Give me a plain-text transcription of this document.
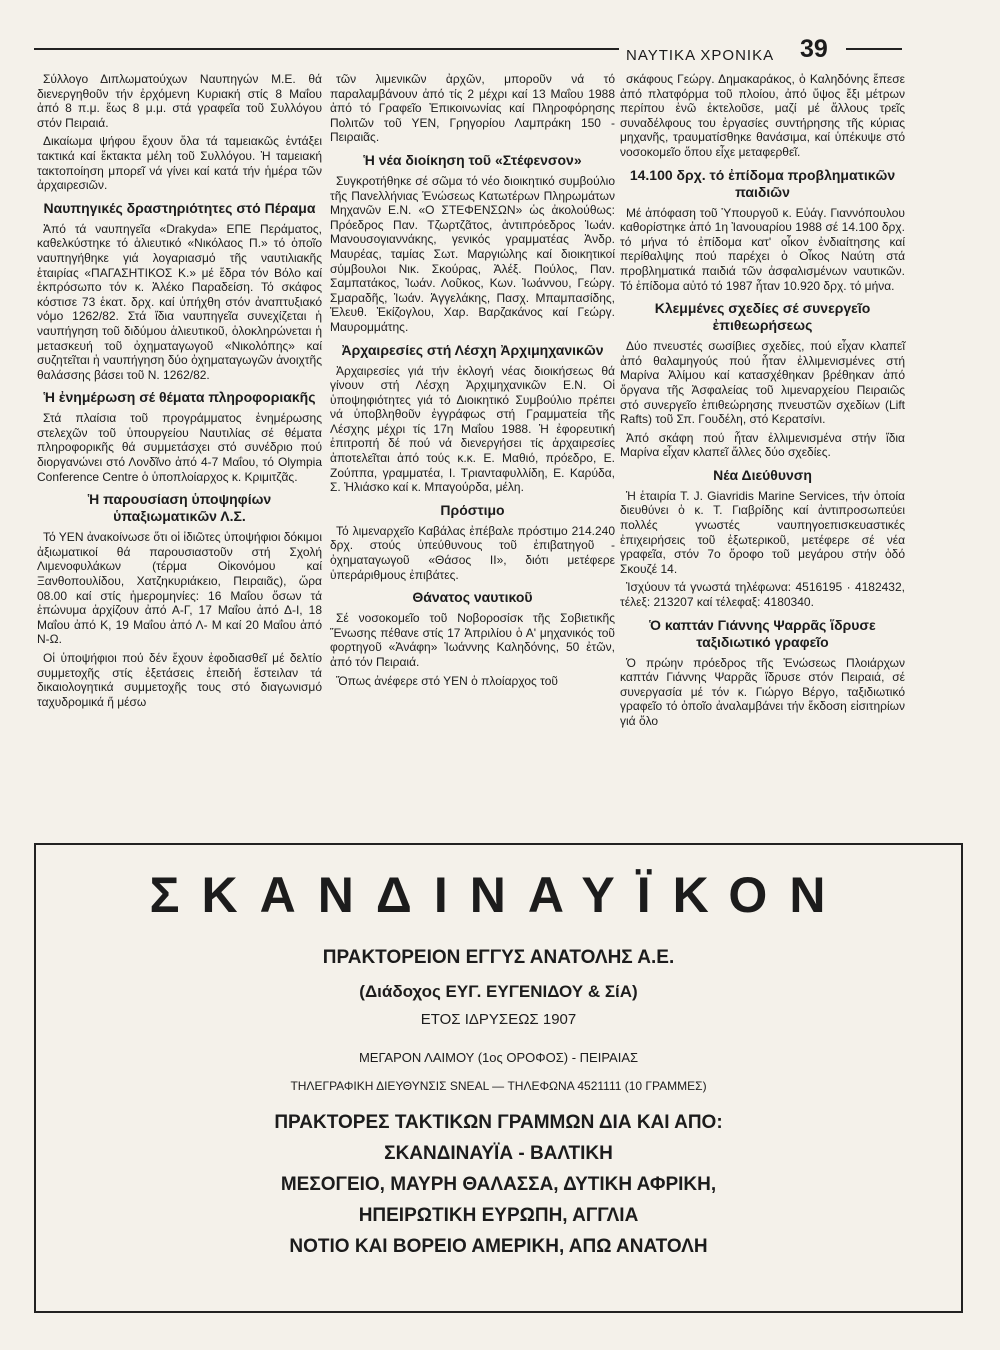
ΝΑΥΤΙΚΑ ΧΡΟΝΙΚΑ 39

Σύλλογο Διπλωματούχων Ναυπηγών Μ.Ε. θά διενεργηθοῦν τήν ἐρχόμενη Κυριακή στίς 8 Μαΐου ἀπό 8 π.μ. ἕως 8 μ.μ. στά γραφεῖα τοῦ Συλλόγου στόν Πειραιά.

Δικαίωμα ψήφου ἔχουν ὅλα τά ταμειακῶς ἐντάξει τακτικά καί ἔκτακτα μέλη τοῦ Συλλόγου. Ἡ ταμειακή τακτοποίηση μπορεῖ νά γίνει καί κατά τήν ἡμέρα τῶν ἀρχαιρεσιῶν.

Ναυπηγικές δραστηριότητες στό Πέραμα

Ἀπό τά ναυπηγεῖα «Drakyda» ΕΠΕ Περάματος, καθελκύστηκε τό ἁλιευτικό «Νικόλαος Π.» τό ὁποῖο ναυπηγήθηκε γιά λογαριασμό τῆς ναυτιλιακῆς ἑταιρίας «ΠΑΓΑΣΗΤΙΚΟΣ Κ.» μέ ἕδρα τόν Βόλο καί ἐκπρόσωπο τόν κ. Ἀλέκο Παραδείση. Τό σκάφος κόστισε 73 ἑκατ. δρχ. καί ὑπήχθη στόν ἀναπτυξιακό νόμο 1262/82. Στά ἴδια ναυπηγεῖα συνεχίζεται ἡ ναυπήγηση τοῦ διδύμου ἁλιευτικοῦ, ὁλοκληρώνεται ἡ μετασκευή τοῦ ὀχηματαγωγοῦ «Νικολόπης» καί συζητεῖται ἡ ναυπήγηση δύο ὀχηματαγωγῶν ἀνοιχτῆς θαλάσσης βάσει τοῦ Ν. 1262/82.

Ἡ ἐνημέρωση σέ θέματα πληροφοριακῆς

Στά πλαίσια τοῦ προγράμματος ἐνημέρωσης στελεχῶν τοῦ ὑπουργείου Ναυτιλίας σέ θέματα πληροφορικῆς θά συμμετάσχει στό συνέδριο πού διοργανώνει στό Λονδῖνο ἀπό 4-7 Μαΐου, τό Olympia Conference Centre ὁ ὑποπλοίαρχος κ. Κριμιτζᾶς.

Ἡ παρουσίαση ὑποψηφίων ὑπαξιωματικῶν Λ.Σ.

Τό ΥΕΝ ἀνακοίνωσε ὅτι οἱ ἰδιῶτες ὑποψήφιοι δόκιμοι ἀξιωματικοί θά παρουσιαστοῦν στή Σχολή Λιμενοφυλάκων (τέρμα Οἰκονόμου καί Ξανθοπουλίδου, Χατζηκυριάκειο, Πειραιᾶς), ὥρα 08.00 καί στίς ἡμερομηνίες: 16 Μαΐου ὅσων τά ἐπώνυμα ἀρχίζουν ἀπό Α-Γ, 17 Μαΐου ἀπό Δ-Ι, 18 Μαΐου ἀπό Κ, 19 Μαΐου ἀπό Λ- Μ καί 20 Μαΐου ἀπό Ν-Ω.

Οἱ ὑποψήφιοι πού δέν ἔχουν ἐφοδιασθεῖ μέ δελτίο συμμετοχῆς στίς ἐξετάσεις ἐπειδή ἔστειλαν τά δικαιολογητικά συμμετοχῆς τους στό διαγωνισμό ταχυδρομικά ἤ μέσω

τῶν λιμενικῶν ἀρχῶν, μποροῦν νά τό παραλαμβάνουν ἀπό τίς 2 μέχρι καί 13 Μαΐου 1988 ἀπό τό Γραφεῖο Ἐπικοινωνίας καί Πληροφόρησης Πολιτῶν τοῦ ΥΕΝ, Γρηγορίου Λαμπράκη 150 - Πειραιᾶς.

Ἡ νέα διοίκηση τοῦ «Στέφενσον»

Συγκροτήθηκε σέ σῶμα τό νέο διοικητικό συμβούλιο τῆς Πανελλήνιας Ἑνώσεως Κατωτέρων Πληρωμάτων Μηχανῶν Ε.Ν. «Ο ΣΤΕΦΕΝΣΩΝ» ὡς ἀκολούθως: Πρόεδρος Παν. Τζωρτζᾶτος, ἀντιπρόεδρος Ἰωάν. Μανουσογιαννάκης, γενικός γραμματέας Ἀνδρ. Μαυρέας, ταμίας Σωτ. Μαργιώλης καί διοικητικοί σύμβουλοι Νικ. Σκούρας, Ἀλέξ. Πούλος, Παν. Σαμπατάκος, Ἰωάν. Λοῦκος, Κων. Ἰωάννου, Γεώργ. Σμαραδῆς, Ἰωάν. Ἀγγελάκης, Πασχ. Μπαμπασίδης, Ἐλευθ. Ἐκίζογλου, Χαρ. Βαρζακάνος καί Γεώργ. Μαυρομμάτης.

Ἀρχαιρεσίες στή Λέσχη Ἀρχιμηχανικῶν

Ἀρχαιρεσίες γιά τήν ἐκλογή νέας διοικήσεως θά γίνουν στή Λέσχη Ἀρχιμηχανικῶν Ε.Ν. Οἱ ὑποψηφιότητες γιά τό Διοικητικό Συμβούλιο πρέπει νά ὑποβληθοῦν ἐγγράφως στή Γραμματεία τῆς Λέσχης μέχρι τίς 17η Μαΐου 1988. Ἡ ἐφορευτική ἐπιτροπή δέ πού νά διενεργήσει τίς ἀρχαιρεσίες ἀποτελεῖται ἀπό τούς κ.κ. Ε. Μαθιό, πρόεδρο, Ε. Ζούππα, γραμματέα, Ι. Τριανταφυλλίδη, Ε. Καρύδα, Σ. Ἠλιάσκο καί κ. Μπαγούρδα, μέλη.

Πρόστιμο

Τό λιμεναρχεῖο Καβάλας ἐπέβαλε πρόστιμο 214.240 δρχ. στούς ὑπεύθυνους τοῦ ἐπιβατηγοῦ - ὀχηματαγωγοῦ «Θάσος ΙΙ», διότι μετέφερε ὑπεράριθμους ἐπιβάτες.

Θάνατος ναυτικοῦ

Σέ νοσοκομεῖο τοῦ Νοβοροσίσκ τῆς Σοβιετικῆς Ἕνωσης πέθανε στίς 17 Ἀπριλίου ὁ Α' μηχανικός τοῦ φορτηγοῦ «Ἀνάφη» Ἰωάννης Καληδόνης, 50 ἐτῶν, ἀπό τόν Πειραιά.

Ὅπως ἀνέφερε στό ΥΕΝ ὁ πλοίαρχος τοῦ

σκάφους Γεώργ. Δημακαράκος, ὁ Καληδόνης ἔπεσε ἀπό πλατφόρμα τοῦ πλοίου, ἀπό ὕψος ἔξι μέτρων περίπου ἐνῶ ἐκτελοῦσε, μαζί μέ ἄλλους τρεῖς συναδέλφους του ἐργασίες συντήρησης τῆς κύριας μηχανῆς, τραυματίσθηκε θανάσιμα, καί ὑπέκυψε στό νοσοκομεῖο ὅπου εἶχε μεταφερθεῖ.

14.100 δρχ. τό ἐπίδομα προβληματικῶν παιδιῶν

Μέ ἀπόφαση τοῦ Ὑπουργοῦ κ. Εὐάγ. Γιαννόπουλου καθορίστηκε ἀπό 1η Ἰανουαρίου 1988 σέ 14.100 δρχ. τό μήνα τό ἐπίδομα κατ' οἶκον ἐνδιαίτησης καί περίθαλψης πού παρέχει ὁ Οἶκος Ναύτη στά προβληματικά παιδιά τῶν ἀσφαλισμένων ναυτικῶν. Τό ἐπίδομα αὐτό τό 1987 ἦταν 10.920 δρχ. τό μήνα.

Κλεμμένες σχεδίες σέ συνεργεῖο ἐπιθεωρήσεως

Δύο πνευστές σωσίβιες σχεδίες, πού εἶχαν κλαπεῖ ἀπό θαλαμηγούς πού ἦταν ἐλλιμενισμένες στή Μαρίνα Ἀλίμου καί κατασχέθηκαν βρέθηκαν ἀπό ὄργανα τῆς Ἀσφαλείας τοῦ λιμεναρχείου Πειραιῶς στό συνεργεῖο ἐπιθεώρησης πνευστῶν σχεδίων (Lift Rafts) τοῦ Σπ. Γουδέλη, στό Κερατσίνι.

Ἀπό σκάφη πού ἦταν ἐλλιμενισμένα στήν ἴδια Μαρίνα εἶχαν κλαπεῖ ἄλλες δύο σχεδίες.

Νέα Διεύθυνση

Ἡ ἑταιρία T. J. Giavridis Marine Services, τήν ὁποία διευθύνει ὁ κ. Τ. Γιαβρίδης καί ἀντιπροσωπεύει πολλές γνωστές ναυπηγοεπισκευαστικές ἐπιχειρήσεις τοῦ ἐξωτερικοῦ, μετέφερε σέ νέα γραφεῖα, στόν 7ο ὄροφο τοῦ μεγάρου στήν ὁδό Σκουζέ 14.

Ἰσχύουν τά γνωστά τηλέφωνα: 4516195 · 4182432, τέλεξ: 213207 καί τέλεφαξ: 4180340.

Ὁ καπτάν Γιάννης Ψαρρᾶς ἵδρυσε ταξιδιωτικό γραφεῖο

Ὁ πρώην πρόεδρος τῆς Ἑνώσεως Πλοιάρχων καπτάν Γιάννης Ψαρρᾶς ἵδρυσε στόν Πειραιά, σέ συνεργασία μέ τόν κ. Γιώργο Βέργο, ταξιδιωτικό γραφεῖο τό ὁποῖο ἀναλαμβάνει τήν ἔκδοση εἰσιτηρίων γιά ὅλο

ΣΚΑΝΔΙΝΑΥΪΚΟΝ
ΠΡΑΚΤΟΡΕΙΟΝ ΕΓΓΥΣ ΑΝΑΤΟΛΗΣ Α.Ε.
(Διάδοχος ΕΥΓ. ΕΥΓΕΝΙΔΟΥ & ΣίΑ)
ΕΤΟΣ ΙΔΡΥΣΕΩΣ 1907
ΜΕΓΑΡΟΝ ΛΑΙΜΟΥ (1ος ΟΡΟΦΟΣ) - ΠΕΙΡΑΙΑΣ
ΤΗΛΕΓΡΑΦΙΚΗ ΔΙΕΥΘΥΝΣΙΣ SNEAL — ΤΗΛΕΦΩΝΑ 4521111 (10 ΓΡΑΜΜΕΣ)
ΠΡΑΚΤΟΡΕΣ ΤΑΚΤΙΚΩΝ ΓΡΑΜΜΩΝ ΔΙΑ ΚΑΙ ΑΠΟ:
ΣΚΑΝΔΙΝΑΥΪΑ - ΒΑΛΤΙΚΗ
ΜΕΣΟΓΕΙΟ, ΜΑΥΡΗ ΘΑΛΑΣΣΑ, ΔΥΤΙΚΗ ΑΦΡΙΚΗ,
ΗΠΕΙΡΩΤΙΚΗ ΕΥΡΩΠΗ, ΑΓΓΛΙΑ
ΝΟΤΙΟ ΚΑΙ ΒΟΡΕΙΟ ΑΜΕΡΙΚΗ, ΑΠΩ ΑΝΑΤΟΛΗ
